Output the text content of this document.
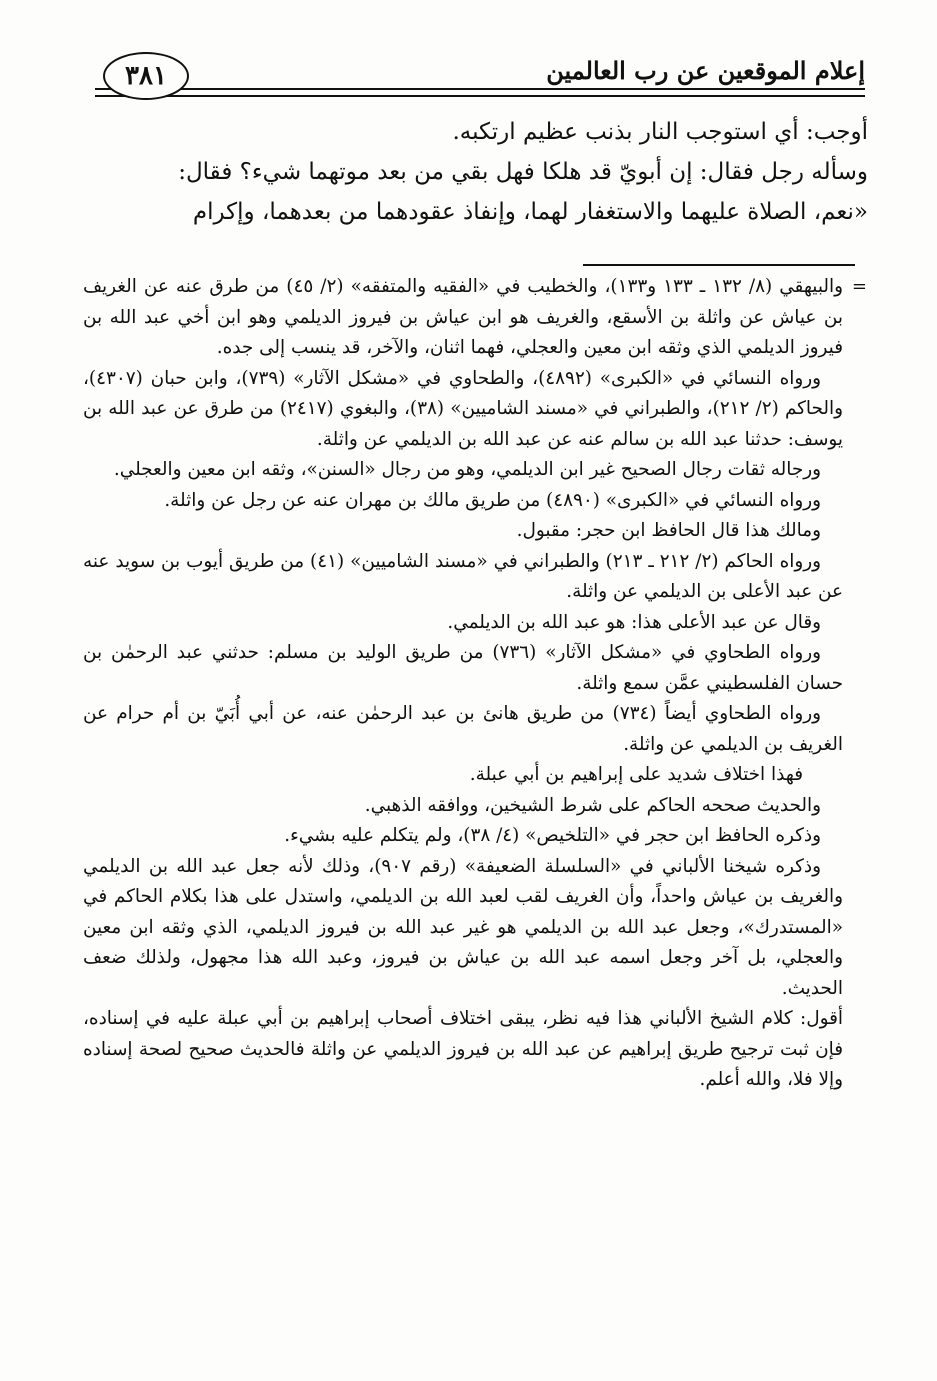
إعلام الموقعين عن رب العالمين
٣٨١

أوجب: أي استوجب النار بذنب عظيم ارتكبه.

وسأله رجل فقال: إن أبويّ قد هلكا فهل بقي من بعد موتهما شيء؟ فقال:

«نعم، الصلاة عليهما والاستغفار لهما، وإنفاذ عقودهما من بعدهما، وإكرام

=

والبيهقي (٨/ ١٣٢ ـ ١٣٣ و١٣٣)، والخطيب في «الفقيه والمتفقه» (٢/ ٤٥) من طرق عنه عن الغريف بن عياش عن واثلة بن الأسقع، والغريف هو ابن عياش بن فيروز الديلمي وهو ابن أخي عبد الله بن فيروز الديلمي الذي وثقه ابن معين والعجلي، فهما اثنان، والآخر، قد ينسب إلى جده.

ورواه النسائي في «الكبرى» (٤٨٩٢)، والطحاوي في «مشكل الآثار» (٧٣٩)، وابن حبان (٤٣٠٧)، والحاكم (٢/ ٢١٢)، والطبراني في «مسند الشاميين» (٣٨)، والبغوي (٢٤١٧) من طرق عن عبد الله بن يوسف: حدثنا عبد الله بن سالم عنه عن عبد الله بن الديلمي عن واثلة.

ورجاله ثقات رجال الصحيح غير ابن الديلمي، وهو من رجال «السنن»، وثقه ابن معين والعجلي.

ورواه النسائي في «الكبرى» (٤٨٩٠) من طريق مالك بن مهران عنه عن رجل عن واثلة.

ومالك هذا قال الحافظ ابن حجر: مقبول.

ورواه الحاكم (٢/ ٢١٢ ـ ٢١٣) والطبراني في «مسند الشاميين» (٤١) من طريق أيوب بن سويد عنه عن عبد الأعلى بن الديلمي عن واثلة.

وقال عن عبد الأعلى هذا: هو عبد الله بن الديلمي.

ورواه الطحاوي في «مشكل الآثار» (٧٣٦) من طريق الوليد بن مسلم: حدثني عبد الرحمٰن بن حسان الفلسطيني عمَّن سمع واثلة.

ورواه الطحاوي أيضاً (٧٣٤) من طريق هانئ بن عبد الرحمٰن عنه، عن أبي أُبَيّ بن أم حرام عن الغريف بن الديلمي عن واثلة.

فهذا اختلاف شديد على إبراهيم بن أبي عبلة.

والحديث صححه الحاكم على شرط الشيخين، ووافقه الذهبي.

وذكره الحافظ ابن حجر في «التلخيص» (٤/ ٣٨)، ولم يتكلم عليه بشيء.

وذكره شيخنا الألباني في «السلسلة الضعيفة» (رقم ٩٠٧)، وذلك لأنه جعل عبد الله بن الديلمي والغريف بن عياش واحداً، وأن الغريف لقب لعبد الله بن الديلمي، واستدل على هذا بكلام الحاكم في «المستدرك»، وجعل عبد الله بن الديلمي هو غير عبد الله بن فيروز الديلمي، الذي وثقه ابن معين والعجلي، بل آخر وجعل اسمه عبد الله بن عياش بن فيروز، وعبد الله هذا مجهول، ولذلك ضعف الحديث.

أقول: كلام الشيخ الألباني هذا فيه نظر، يبقى اختلاف أصحاب إبراهيم بن أبي عبلة عليه في إسناده، فإن ثبت ترجيح طريق إبراهيم عن عبد الله بن فيروز الديلمي عن واثلة فالحديث صحيح لصحة إسناده وإلا فلا، والله أعلم.
